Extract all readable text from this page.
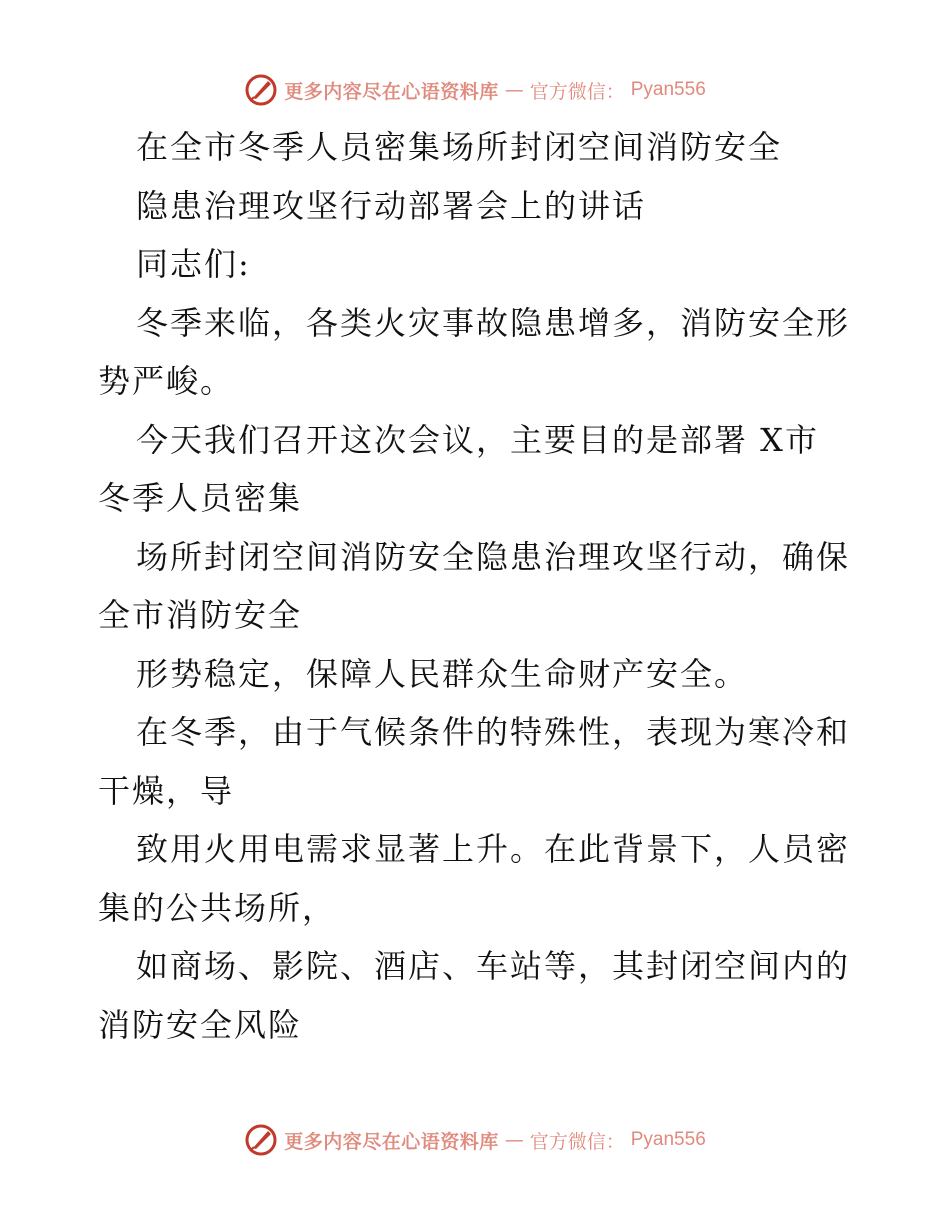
更多内容尽在心语资料库 — 官方微信： Pyan556
在全市冬季人员密集场所封闭空间消防安全
隐患治理攻坚行动部署会上的讲话
同志们:
冬季来临，各类火灾事故隐患增多，消防安全形
势严峻。
今天我们召开这次会议，主要目的是部署 X市
冬季人员密集
场所封闭空间消防安全隐患治理攻坚行动，确保
全市消防安全
形势稳定，保障人民群众生命财产安全。
在冬季，由于气候条件的特殊性，表现为寒冷和
干燥，导
致用火用电需求显著上升。在此背景下，人员密
集的公共场所，
如商场、影院、酒店、车站等，其封闭空间内的
消防安全风险
更多内容尽在心语资料库 — 官方微信： Pyan556
